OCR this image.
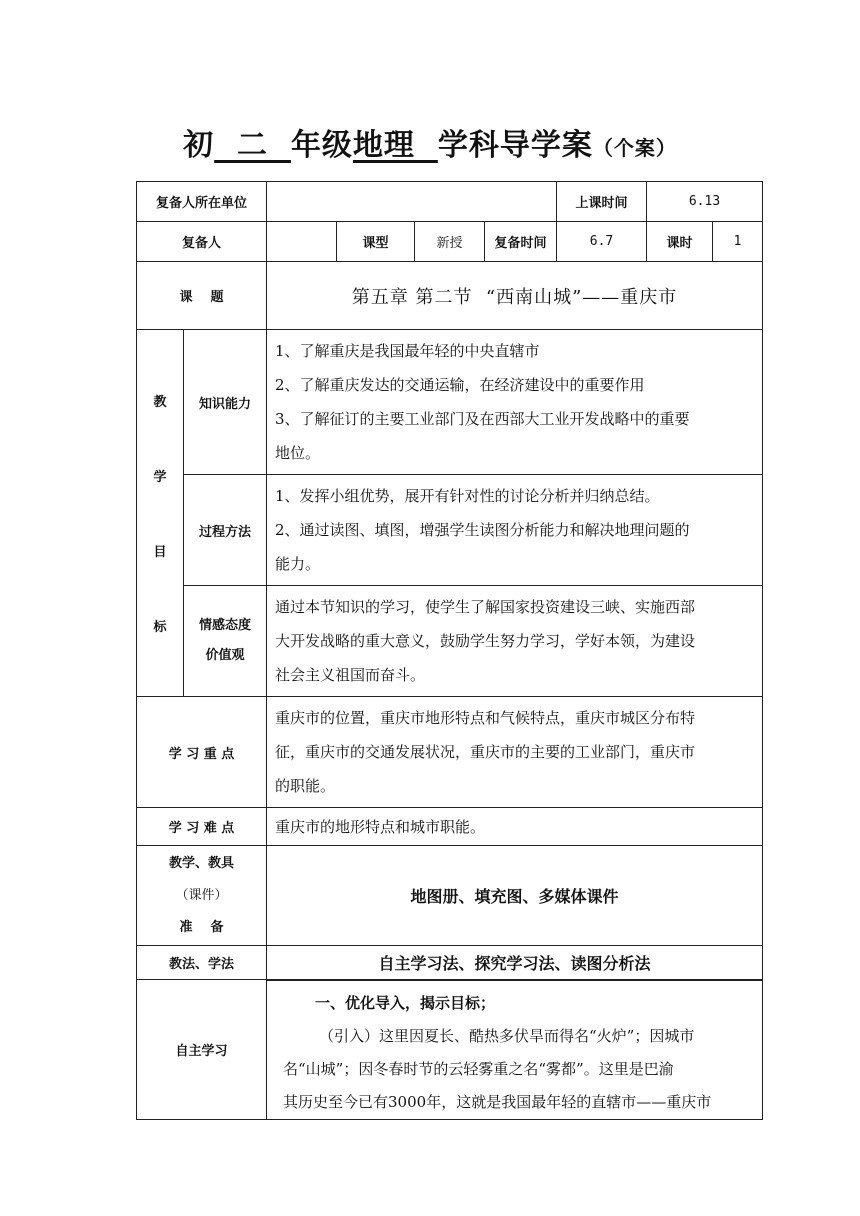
初  二  年级地理  学科导学案（个案）
复备人所在单位						上课时间	6.13	
复备人			课型	新授	复备时间	6.7	课时	1
课    题		第五章 第二节  “西南山城”——重庆市						

教
学
目
标	知识能力	1、了解重庆是我国最年轻的中央直辖市
2、了解重庆发达的交通运输，在经济建设中的重要作用
3、了解征订的主要工业部门及在西部大工业开发战略中的重要
地位。						

	过程方法	1、发挥小组优势，展开有针对性的讨论分析并归纳总结。
2、通过读图、填图，增强学生读图分析能力和解决地理问题的
能力。						

	情感态度
价值观	通过本节知识的学习，使学生了解国家投资建设三峡、实施西部
大开发战略的重大意义，鼓励学生努力学习，学好本领，为建设
社会主义祖国而奋斗。						

学 习 重 点		重庆市的位置，重庆市地形特点和气候特点，重庆市城区分布特
征，重庆市的交通发展状况，重庆市的主要的工业部门，重庆市
的职能。						

学 习 难 点		重庆市的地形特点和城市职能。						

教学、教具
（课件）
准    备		地图册、填充图、多媒体课件						
教法、学法		自主学习法、探究学习法、读图分析法						
自主学习		一、优化导入，揭示目标；
（引入）这里因夏长、酷热多伏旱而得名“火炉”；因城市
名“山城”；因冬春时节的云轻雾重之名“雾都”。这里是巴渝
其历史至今已有3000年，这就是我国最年轻的直辖市——重庆市						
